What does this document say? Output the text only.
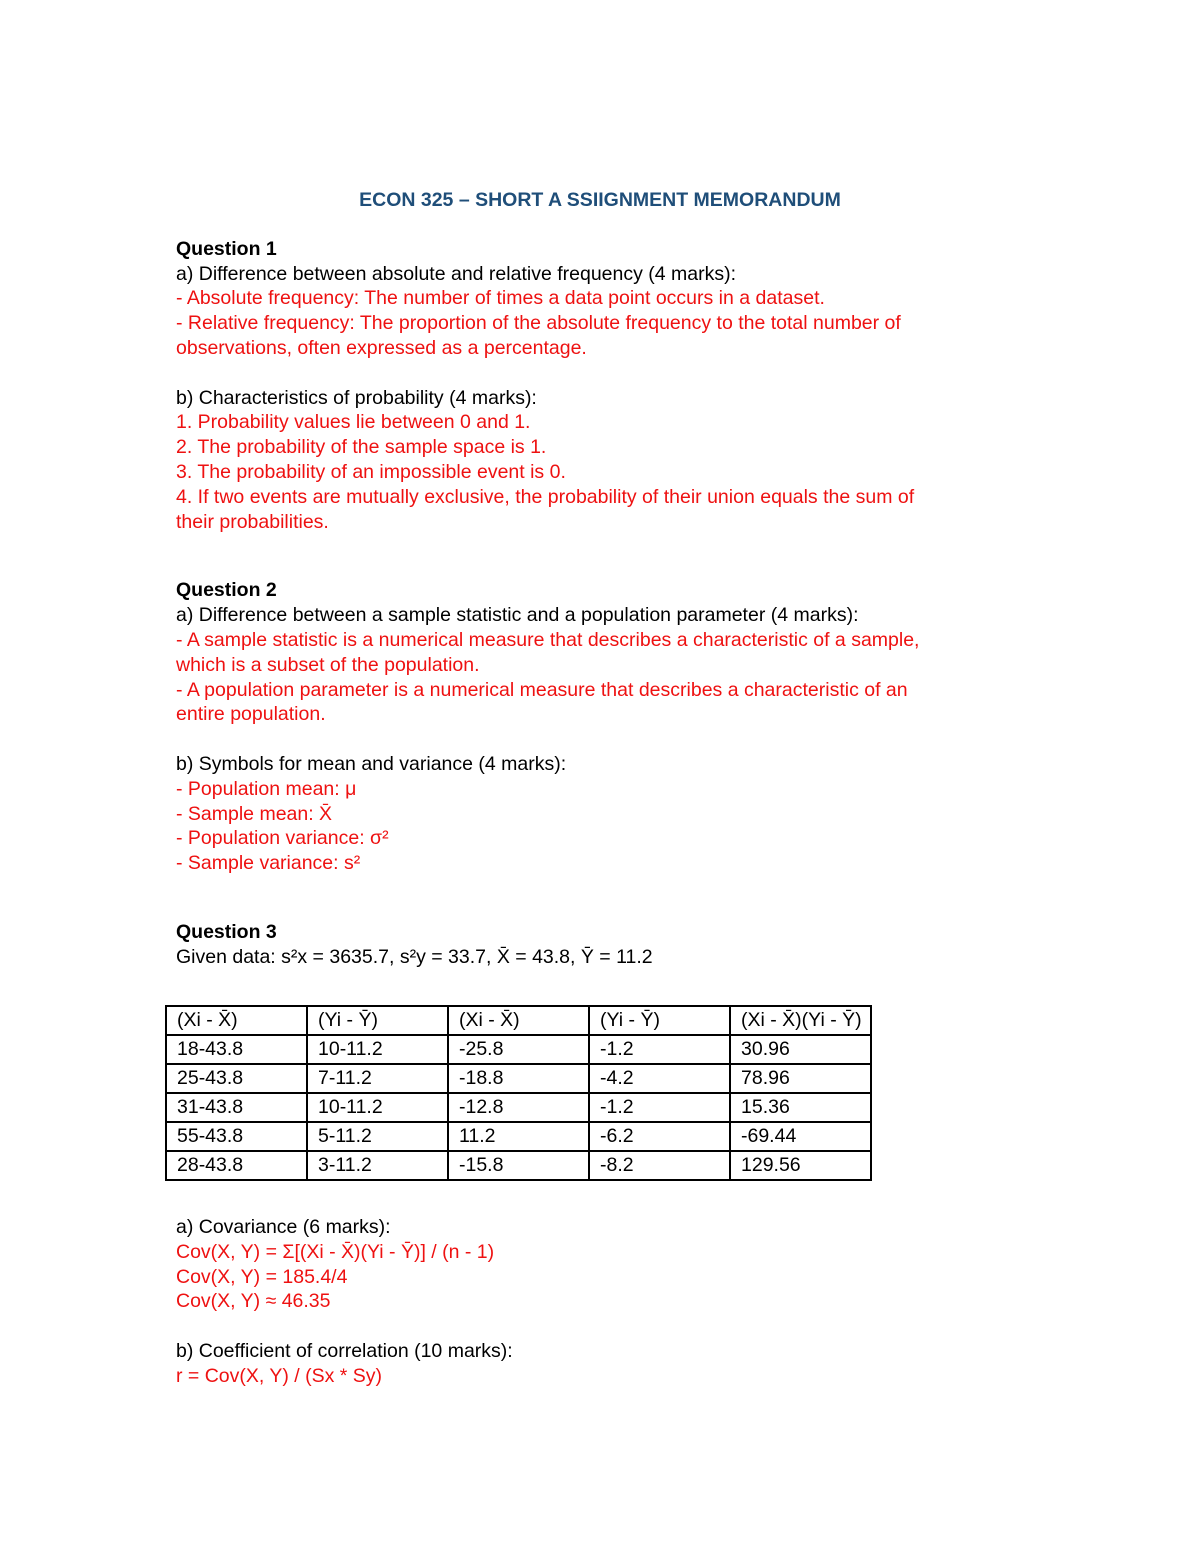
ECON 325 – SHORT A SSIIGNMENT MEMORANDUM

Question 1

a) Difference between absolute and relative frequency (4 marks):

- Absolute frequency: The number of times a data point occurs in a dataset.

- Relative frequency: The proportion of the absolute frequency to the total number of

observations, often expressed as a percentage.

b) Characteristics of probability (4 marks):

1. Probability values lie between 0 and 1.

2. The probability of the sample space is 1.

3. The probability of an impossible event is 0.

4. If two events are mutually exclusive, the probability of their union equals the sum of

their probabilities.

Question 2

a) Difference between a sample statistic and a population parameter (4 marks):

- A sample statistic is a numerical measure that describes a characteristic of a sample,

which is a subset of the population.

- A population parameter is a numerical measure that describes a characteristic of an

entire population.

b) Symbols for mean and variance (4 marks):

- Population mean: μ

- Sample mean: X̄

- Population variance: σ²

- Sample variance: s²

Question 3

Given data: s²x = 3635.7, s²y = 33.7, X̄ = 43.8, Ȳ = 11.2

(Xi - X̄)	(Yi - Ȳ)	(Xi - X̄)	(Yi - Ȳ)	(Xi - X̄)(Yi - Ȳ)
18-43.8	10-11.2	-25.8	-1.2	30.96
25-43.8	7-11.2	-18.8	-4.2	78.96
31-43.8	10-11.2	-12.8	-1.2	15.36
55-43.8	5-11.2	11.2	-6.2	-69.44
28-43.8	3-11.2	-15.8	-8.2	129.56

a) Covariance (6 marks):

Cov(X, Y) = Σ[(Xi - X̄)(Yi - Ȳ)] / (n - 1)

Cov(X, Y) = 185.4/4

Cov(X, Y) ≈ 46.35

b) Coefficient of correlation (10 marks):

r = Cov(X, Y) / (Sx * Sy)
